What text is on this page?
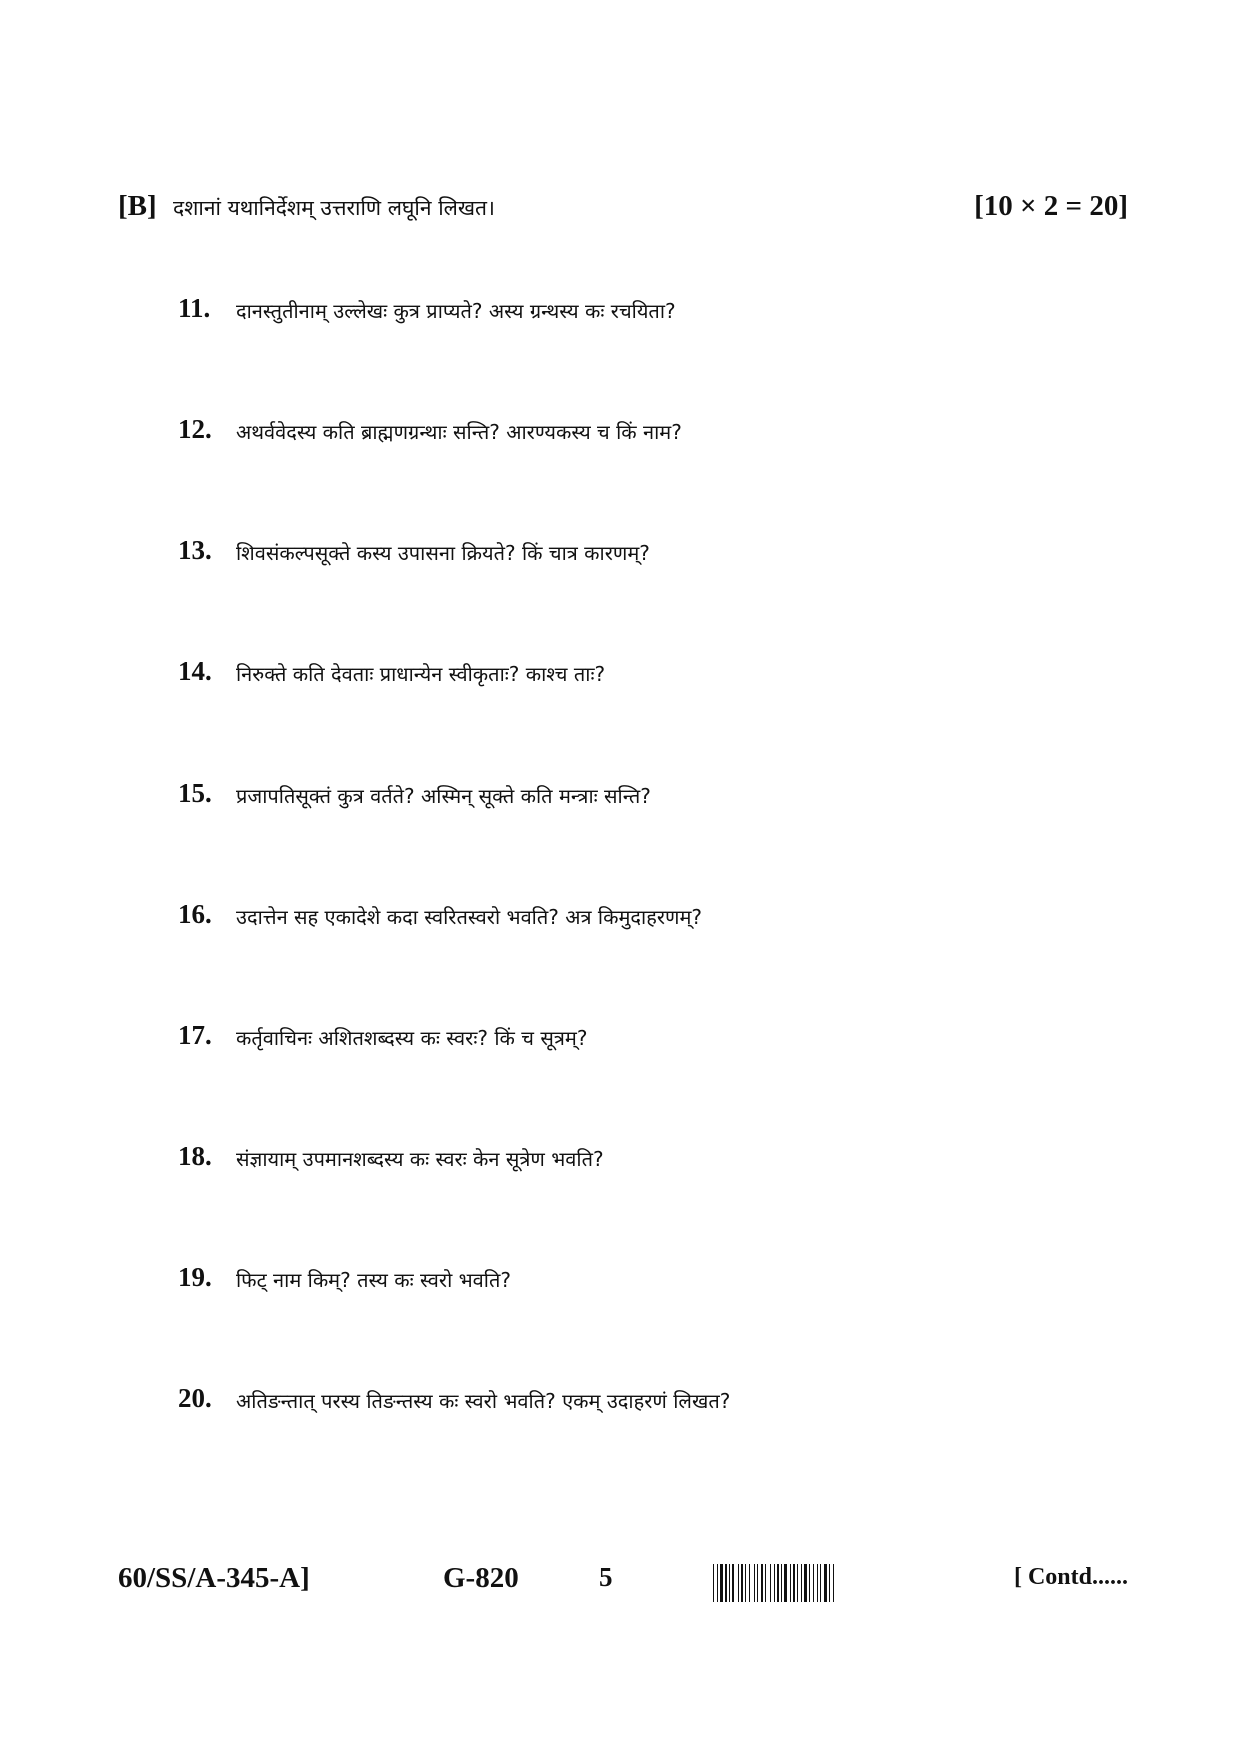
[B] दशानां यथानिर्देशम् उत्तराणि लघूनि लिखत।	[10 × 2 = 20]
11. दानस्तुतीनाम् उल्लेखः कुत्र प्राप्यते? अस्य ग्रन्थस्य कः रचयिता?
12. अथर्ववेदस्य कति ब्राह्मणग्रन्थाः सन्ति? आरण्यकस्य च किं नाम?
13. शिवसंकल्पसूक्ते कस्य उपासना क्रियते? किं चात्र कारणम्?
14. निरुक्ते कति देवताः प्राधान्येन स्वीकृताः? काश्च ताः?
15. प्रजापतिसूक्तं कुत्र वर्तते? अस्मिन् सूक्ते कति मन्त्राः सन्ति?
16. उदात्तेन सह एकादेशे कदा स्वरितस्वरो भवति? अत्र किमुदाहरणम्?
17. कर्तृवाचिनः अशितशब्दस्य कः स्वरः? किं च सूत्रम्?
18. संज्ञायाम् उपमानशब्दस्य कः स्वरः केन सूत्रेण भवति?
19. फिट् नाम किम्? तस्य कः स्वरो भवति?
20. अतिङन्तात् परस्य तिङन्तस्य कः स्वरो भवति? एकम् उदाहरणं लिखत?
60/SS/A-345-A]	G-820	5	[ Contd......
